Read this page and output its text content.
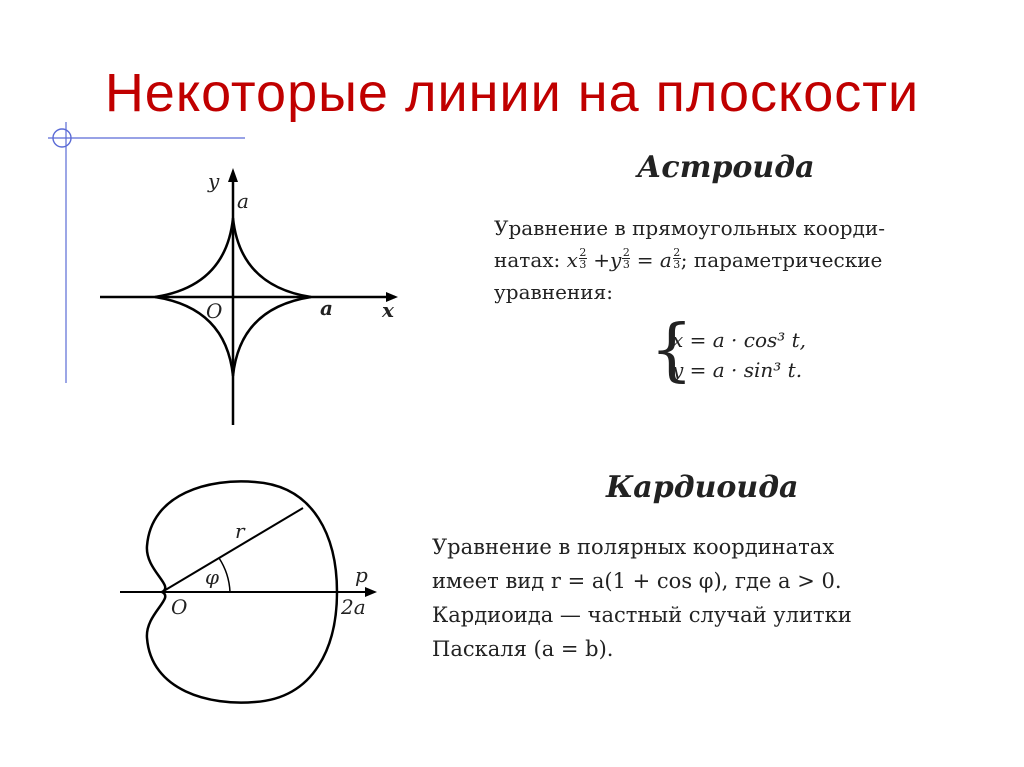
Некоторые линии на плоскости
y
a
a x
O
Астроида
Уравнение в прямоугольных коорди-
натах: x $\frac{2}{3} +y \frac{2}{3} = a \frac{2}{3}$ ; параметрические
уравнения:
{
x = a · cos³ t,
y = a · sin³ t.
r
φ	p
O	2a
Кардиоида
Уравнение в полярных координатах
имеет вид r = a(1 + cos φ), где a > 0.
Кардиоида — частный случай улитки
Паскаля (a = b).
